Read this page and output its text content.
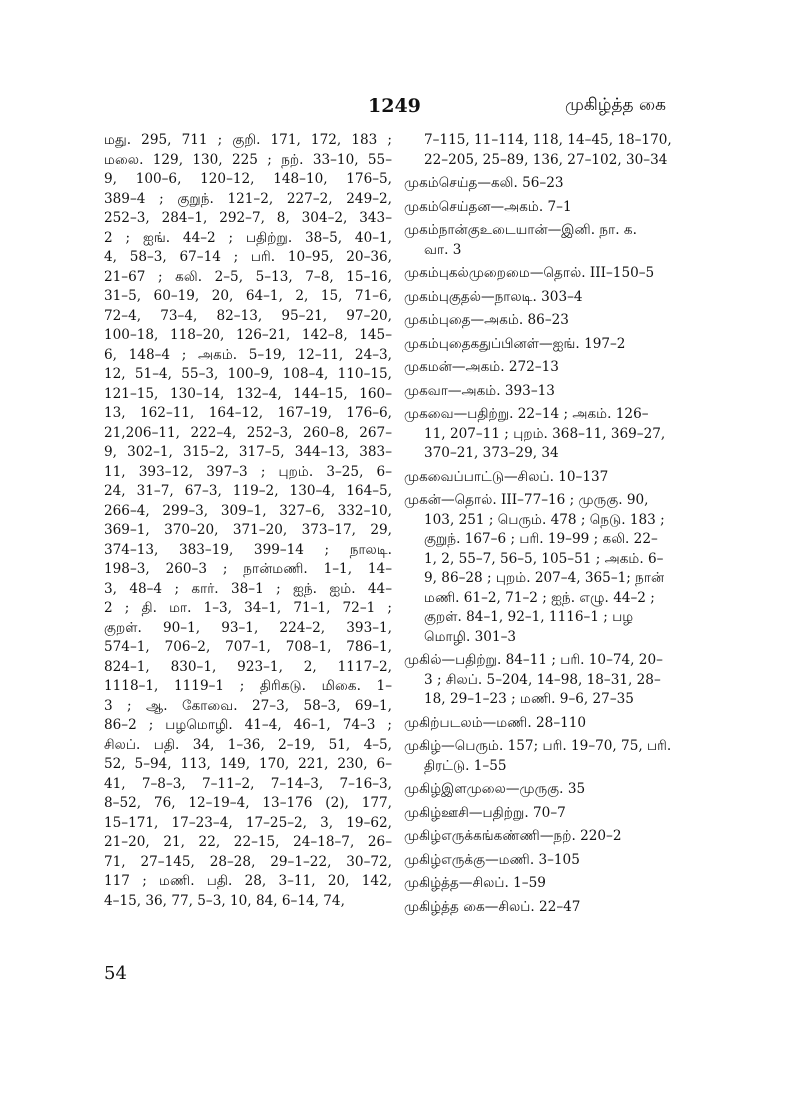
1249	முகிழ்த்த கை
மது. 295, 711 ; குறி. 171, 172, 183 ;
மலை. 129, 130, 225 ; நற். 33–10, 55–
9, 100–6, 120–12, 148–10, 176–5,
389–4 ; குறுந். 121–2, 227–2, 249–2,
252–3, 284–1, 292–7, 8, 304–2, 343–
2 ; ஐங். 44–2 ; பதிற்று. 38–5, 40–1,
4, 58–3, 67–14 ; பரி. 10–95, 20–36,
21–67 ; கலி. 2–5, 5–13, 7–8, 15–16,
31–5, 60–19, 20, 64–1, 2, 15, 71–6,
72–4, 73–4, 82–13, 95–21, 97–20,
100–18, 118–20, 126–21, 142–8, 145–
6, 148–4 ; அகம். 5–19, 12–11, 24–3,
12, 51–4, 55–3, 100–9, 108–4, 110–15,
121–15, 130–14, 132–4, 144–15, 160–
13, 162–11, 164–12, 167–19, 176–6,
21,206–11, 222–4, 252–3, 260–8, 267–
9, 302–1, 315–2, 317–5, 344–13, 383–
11, 393–12, 397–3 ; புறம். 3–25, 6–
24, 31–7, 67–3, 119–2, 130–4, 164–5,
266–4, 299–3, 309–1, 327–6, 332–10,
369–1, 370–20, 371–20, 373–17, 29,
374–13, 383–19, 399–14 ; நாலடி.
198–3, 260–3 ; நான்மணி. 1–1, 14–
3, 48–4 ; கார். 38–1 ; ஐந். ஐம். 44–
2 ; தி. மா. 1–3, 34–1, 71–1, 72–1 ;
குறள். 90–1, 93–1, 224–2, 393–1,
574–1, 706–2, 707–1, 708–1, 786–1,
824–1, 830–1, 923–1, 2, 1117–2,
1118–1, 1119–1 ; திரிகடு. மிகை. 1–
3 ; ஆ. கோவை. 27–3, 58–3, 69–1,
86–2 ; பழமொழி. 41–4, 46–1, 74–3 ;
சிலப். பதி. 34, 1–36, 2–19, 51, 4–5,
52, 5–94, 113, 149, 170, 221, 230, 6–
41, 7–8–3, 7–11–2, 7–14–3, 7–16–3,
8–52, 76, 12–19–4, 13–176 (2), 177,
15–171, 17–23–4, 17–25–2, 3, 19–62,
21–20, 21, 22, 22–15, 24–18–7, 26–
71, 27–145, 28–28, 29–1–22, 30–72,
117 ; மணி. பதி. 28, 3–11, 20, 142,
4–15, 36, 77, 5–3, 10, 84, 6–14, 74,
7–115, 11–114, 118, 14–45, 18–170,
22–205, 25–89, 136, 27–102, 30–34
முகம்செய்த—கலி. 56–23
முகம்செய்தன—அகம். 7–1
முகம்நான்குஉடையான்—இனி. நா. க.
வா. 3
முகம்புகல்முறைமை—தொல். III–150–5
முகம்புகுதல்—நாலடி. 303–4
முகம்புதை—அகம். 86–23
முகம்புதைகதுப்பினள்—ஐங். 197–2
முகமன்—அகம். 272–13
முகவா—அகம். 393–13
முகவை—பதிற்று. 22–14 ; அகம். 126–
11, 207–11 ; புறம். 368–11, 369–27,
370–21, 373–29, 34
முகவைப்பாட்டு—சிலப். 10–137
முகன்—தொல். III–77–16 ; முருகு. 90,
103, 251 ; பெரும். 478 ; நெடு. 183 ;
குறுந். 167–6 ; பரி. 19–99 ; கலி. 22–
1, 2, 55–7, 56–5, 105–51 ; அகம். 6–
9, 86–28 ; புறம். 207–4, 365–1; நான்
மணி. 61–2, 71–2 ; ஐந். எழு. 44–2 ;
குறள். 84–1, 92–1, 1116–1 ; பழ
மொழி. 301–3
முகில்—பதிற்று. 84–11 ; பரி. 10–74, 20–
3 ; சிலப். 5–204, 14–98, 18–31, 28–
18, 29–1–23 ; மணி. 9–6, 27–35
முகிற்படலம்—மணி. 28–110
முகிழ்—பெரும். 157; பரி. 19–70, 75, பரி.
திரட்டு. 1–55
முகிழ்இளமுலை—முருகு. 35
முகிழ்ஊசி—பதிற்று. 70–7
முகிழ்எருக்கங்கண்ணி—நற். 220–2
முகிழ்எருக்கு—மணி. 3–105
முகிழ்த்த—சிலப். 1–59
முகிழ்த்த கை—சிலப். 22–47
54
